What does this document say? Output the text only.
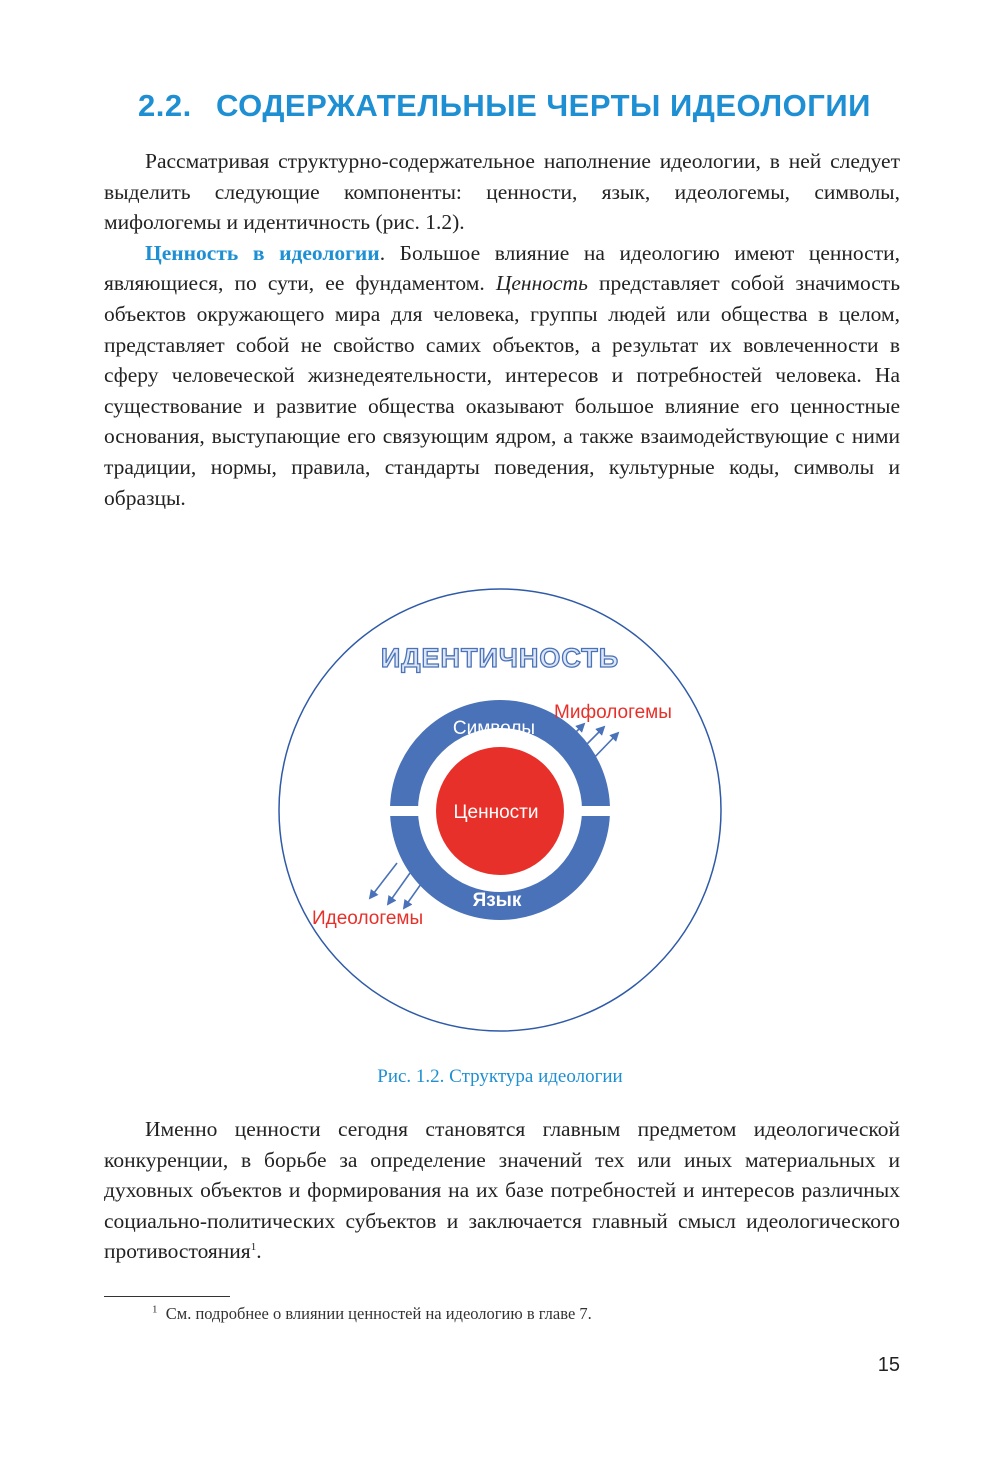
2.2. СОДЕРЖАТЕЛЬНЫЕ ЧЕРТЫ ИДЕОЛОГИИ

Рассматривая структурно-содержательное наполнение идеологии, в ней следует выделить следующие компоненты: ценности, язык, идеологемы, символы, мифологемы и идентичность (рис. 1.2).

Ценность в идеологии. Большое влияние на идеологию имеют ценности, являющиеся, по сути, ее фундаментом. Ценность представляет собой значимость объектов окружающего мира для человека, группы людей или общества в целом, представляет собой не свойство самих объектов, а результат их вовлеченности в сферу человеческой жизнедеятельности, интересов и потребностей человека. На существование и развитие общества оказывают большое влияние его ценностные основания, выступающие его связующим ядром, а также взаимодействующие с ними традиции, нормы, правила, стандарты поведения, культурные коды, символы и образцы.

ИДЕНТИЧНОСТЬ
Ценности
Символы
Язык
Мифологемы
Идеологемы
Рис. 1.2. Структура идеологии

Именно ценности сегодня становятся главным предметом идеологической конкуренции, в борьбе за определение значений тех или иных материальных и духовных объектов и формирования на их базе потребностей и интересов различных социально-политических субъектов и заключается главный смысл идеологического противостояния$^1$.

$^1$ См. подробнее о влиянии ценностей на идеологию в главе 7.
15
